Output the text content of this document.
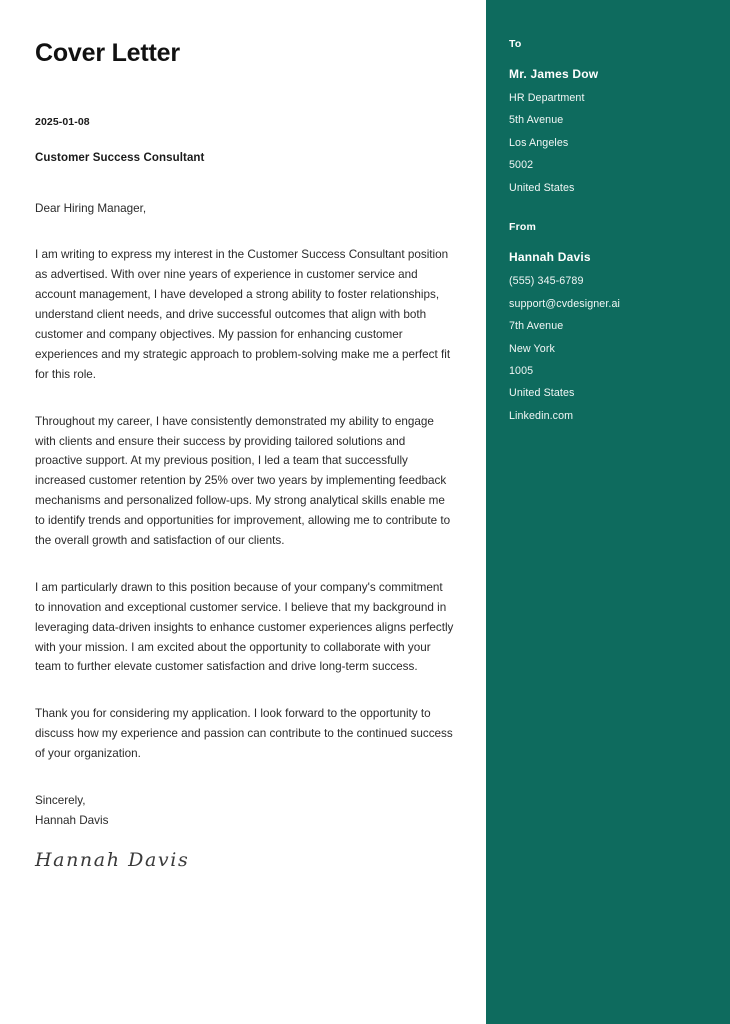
Cover Letter

2025-01-08

Customer Success Consultant

Dear Hiring Manager,

I am writing to express my interest in the Customer Success Consultant position as advertised. With over nine years of experience in customer service and account management, I have developed a strong ability to foster relationships, understand client needs, and drive successful outcomes that align with both customer and company objectives. My passion for enhancing customer experiences and my strategic approach to problem-solving make me a perfect fit for this role.

Throughout my career, I have consistently demonstrated my ability to engage with clients and ensure their success by providing tailored solutions and proactive support. At my previous position, I led a team that successfully increased customer retention by 25% over two years by implementing feedback mechanisms and personalized follow-ups. My strong analytical skills enable me to identify trends and opportunities for improvement, allowing me to contribute to the overall growth and satisfaction of our clients.

I am particularly drawn to this position because of your company's commitment to innovation and exceptional customer service. I believe that my background in leveraging data-driven insights to enhance customer experiences aligns perfectly with your mission. I am excited about the opportunity to collaborate with your team to further elevate customer satisfaction and drive long-term success.

Thank you for considering my application. I look forward to the opportunity to discuss how my experience and passion can contribute to the continued success of your organization.

Sincerely,

Hannah Davis

Hannah Davis

To

Mr. James Dow

HR Department

5th Avenue

Los Angeles

5002

United States

From

Hannah Davis

(555) 345-6789

support@cvdesigner.ai

7th Avenue

New York

1005

United States

Linkedin.com
